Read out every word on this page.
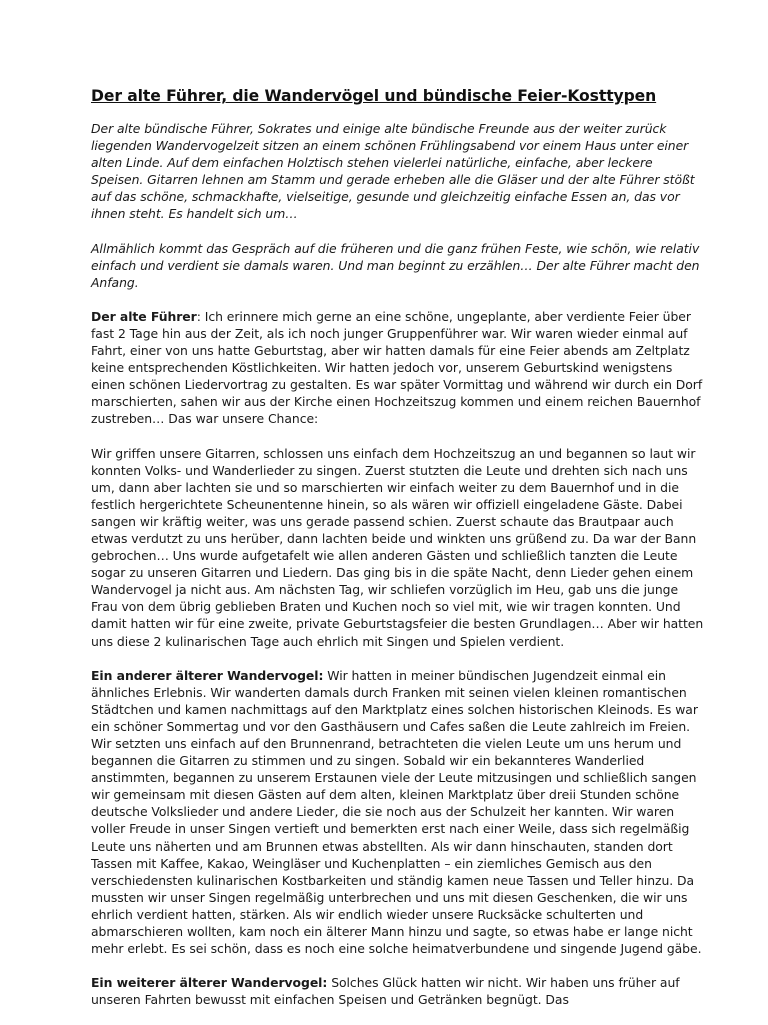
Der alte Führer, die Wandervögel und bündische Feier-Kosttypen

Der alte bündische Führer, Sokrates und einige alte bündische Freunde aus der weiter zurück liegenden Wandervogelzeit sitzen an einem schönen Frühlingsabend vor einem Haus unter einer alten Linde. Auf dem einfachen Holztisch stehen vielerlei natürliche, einfache, aber leckere Speisen. Gitarren lehnen am Stamm und gerade erheben alle die Gläser und der alte Führer stößt auf das schöne, schmackhafte, vielseitige, gesunde und gleichzeitig einfache Essen an, das vor ihnen steht. Es handelt sich um…

Allmählich kommt das Gespräch auf die früheren und die ganz frühen Feste, wie schön, wie relativ einfach und verdient sie damals waren. Und man beginnt zu erzählen… Der alte Führer macht den Anfang.

Der alte Führer: Ich erinnere mich gerne an eine schöne, ungeplante, aber verdiente Feier über fast 2 Tage hin aus der Zeit, als ich noch junger Gruppenführer war. Wir waren wieder einmal auf Fahrt, einer von uns hatte Geburtstag, aber wir hatten damals für eine Feier abends am Zeltplatz keine entsprechenden Köstlichkeiten. Wir hatten jedoch vor, unserem Geburtskind wenigstens einen schönen Liedervortrag zu gestalten. Es war später Vormittag und während wir durch ein Dorf marschierten, sahen wir aus der Kirche einen Hochzeitszug kommen und einem reichen Bauernhof zustreben… Das war unsere Chance:

Wir griffen unsere Gitarren, schlossen uns einfach dem Hochzeitszug an und begannen so laut wir konnten Volks- und Wanderlieder zu singen. Zuerst stutzten die Leute und drehten sich nach uns um, dann aber lachten sie und so marschierten wir einfach weiter zu dem Bauernhof und in die festlich hergerichtete Scheunentenne hinein, so als wären wir offiziell eingeladene Gäste. Dabei sangen wir kräftig weiter, was uns gerade passend schien. Zuerst schaute das Brautpaar auch etwas verdutzt zu uns herüber, dann lachten beide und winkten uns grüßend zu. Da war der Bann gebrochen… Uns wurde aufgetafelt wie allen anderen Gästen und schließlich tanzten die Leute sogar zu unseren Gitarren und Liedern. Das ging bis in die späte Nacht, denn Lieder gehen einem Wandervogel ja nicht aus. Am nächsten Tag, wir schliefen vorzüglich im Heu, gab uns die junge Frau von dem übrig geblieben Braten und Kuchen noch so viel mit, wie wir tragen konnten. Und damit hatten wir für eine zweite, private Geburtstagsfeier die besten Grundlagen… Aber wir hatten uns diese 2 kulinarischen Tage auch ehrlich mit Singen und Spielen verdient.

Ein anderer älterer Wandervogel: Wir hatten in meiner bündischen Jugendzeit einmal ein ähnliches Erlebnis. Wir wanderten damals durch Franken mit seinen vielen kleinen romantischen Städtchen und kamen nachmittags auf den Marktplatz eines solchen historischen Kleinods. Es war ein schöner Sommertag und vor den Gasthäusern und Cafes saßen die Leute zahlreich im Freien. Wir setzten uns einfach auf den Brunnenrand, betrachteten die vielen Leute um uns herum und begannen die Gitarren zu stimmen und zu singen. Sobald wir ein bekannteres Wanderlied anstimmten, begannen zu unserem Erstaunen viele der Leute mitzusingen und schließlich sangen wir gemeinsam mit diesen Gästen auf dem alten, kleinen Marktplatz über dreii Stunden schöne deutsche Volkslieder und andere Lieder, die sie noch aus der Schulzeit her kannten. Wir waren voller Freude in unser Singen vertieft und bemerkten erst nach einer Weile, dass sich regelmäßig Leute uns näherten und am Brunnen etwas abstellten. Als wir dann hinschauten, standen dort Tassen mit Kaffee, Kakao, Weingläser und Kuchenplatten – ein ziemliches Gemisch aus den verschiedensten kulinarischen Kostbarkeiten und ständig kamen neue Tassen und Teller hinzu. Da mussten wir unser Singen regelmäßig unterbrechen und uns mit diesen Geschenken, die wir uns ehrlich verdient hatten, stärken. Als wir endlich wieder unsere Rucksäcke schulterten und abmarschieren wollten, kam noch ein älterer Mann hinzu und sagte, so etwas habe er lange nicht mehr erlebt. Es sei schön, dass es noch eine solche heimatverbundene und singende Jugend gäbe.

Ein weiterer älterer Wandervogel: Solches Glück hatten wir nicht. Wir haben uns früher auf unseren Fahrten bewusst mit einfachen Speisen und Getränken begnügt. Das
